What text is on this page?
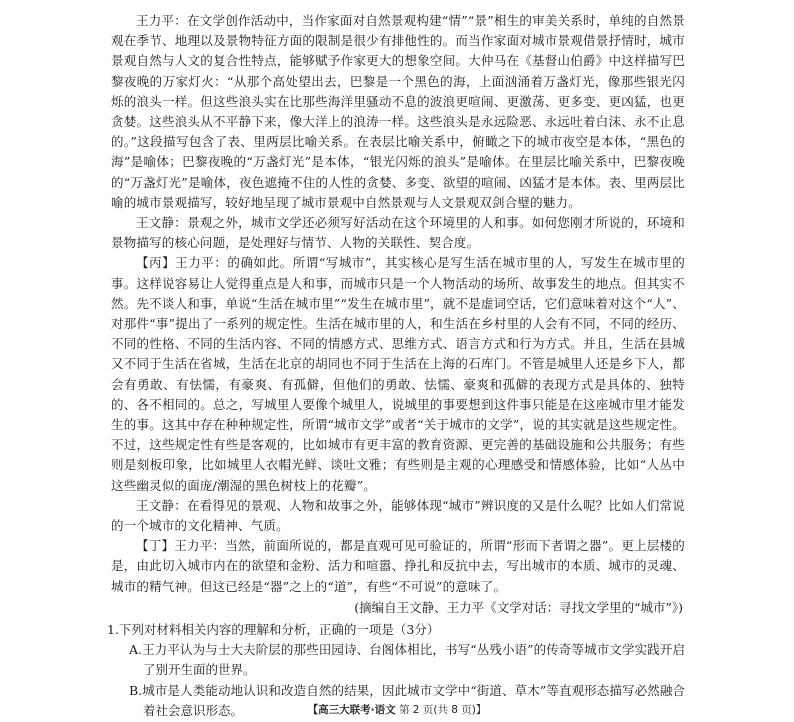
王力平：在文学创作活动中，当作家面对自然景观构建“情”“景”相生的审美关系时，单纯的自然景观在季节、地理以及景物特征方面的限制是很少有排他性的。而当作家面对城市景观借景抒情时，城市景观自然与人文的复合性特点，能够赋予作家更大的想象空间。大仲马在《基督山伯爵》中这样描写巴黎夜晚的万家灯火：“从那个高处望出去，巴黎是一个黑色的海，上面汹涌着万盏灯光，像那些银光闪烁的浪头一样。但这些浪头实在比那些海洋里骚动不息的波浪更喧闹、更激荡、更多变、更凶猛，也更贪婪。这些浪头从不平静下来，像大洋上的浪涛一样。这些浪头是永远险恶、永远吐着白沫、永不止息的。”这段描写包含了表、里两层比喻关系。在表层比喻关系中，俯瞰之下的城市夜空是本体，“黑色的海”是喻体；巴黎夜晚的“万盏灯光”是本体，“银光闪烁的浪头”是喻体。在里层比喻关系中，巴黎夜晚的“万盏灯光”是喻体，夜色遮掩不住的人性的贪婪、多变、欲望的喧闹、凶猛才是本体。表、里两层比喻的城市景观描写，较好地呈现了城市景观中自然景观与人文景观双剑合璧的魅力。

王文静：景观之外，城市文学还必须写好活动在这个环境里的人和事。如何您刚才所说的，环境和景物描写的核心问题，是处理好与情节、人物的关联性、契合度。

【丙】王力平：的确如此。所谓“写城市”，其实核心是写生活在城市里的人，写发生在城市里的事。这样说容易让人觉得重点是人和事，而城市只是一个人物活动的场所、故事发生的地点。但其实不然。先不谈人和事，单说“生活在城市里”“发生在城市里”，就不是虚词空话，它们意味着对这个“人”、对那件“事”提出了一系列的规定性。生活在城市里的人，和生活在乡村里的人会有不同，不同的经历、不同的性格、不同的生活内容、不同的情感方式、思维方式、语言方式和行为方式。并且，生活在县城又不同于生活在省城，生活在北京的胡同也不同于生活在上海的石库门。不管是城里人还是乡下人，都会有勇敢、有怯懦，有豪爽、有孤僻，但他们的勇敢、怯懦、豪爽和孤僻的表现方式是具体的、独特的、各不相同的。总之，写城里人要像个城里人，说城里的事要想到这件事只能是在这座城市里才能发生的事。这其中存在种种规定性，所谓“城市文学”或者“关于城市的文学”，说的其实就是这些规定性。不过，这些规定性有些是客观的，比如城市有更丰富的教育资源、更完善的基础设施和公共服务；有些则是刻板印象，比如城里人衣帽光鲜、谈吐文雅；有些则是主观的心理感受和情感体验，比如“人丛中这些幽灵似的面庞/潮湿的黑色树枝上的花瓣”。

王文静：在看得见的景观、人物和故事之外，能够体现“城市”辨识度的又是什么呢？比如人们常说的一个城市的文化精神、气质。

【丁】王力平：当然，前面所说的，都是直观可见可验证的，所谓“形而下者谓之器”。更上层楼的是，由此切入城市内在的欲望和金粉、活力和喧嚣、挣扎和反抗中去，写出城市的本质、城市的灵魂、城市的精气神。但这已经是“器”之上的“道”，有些“不可说”的意味了。

(摘编自王文静、王力平《文学对话：寻找文学里的“城市”》)

1.下列对材料相关内容的理解和分析，正确的一项是（3分）

A.王力平认为与士大夫阶层的那些田园诗、台阁体相比，书写“丛残小语”的传奇等城市文学实践开启了别开生面的世界。

B.城市是人类能动地认识和改造自然的结果，因此城市文学中“街道、草木”等直观形态描写必然融合着社会意识形态。	【高三大联考·语文 第 2 页(共 8 页)】
